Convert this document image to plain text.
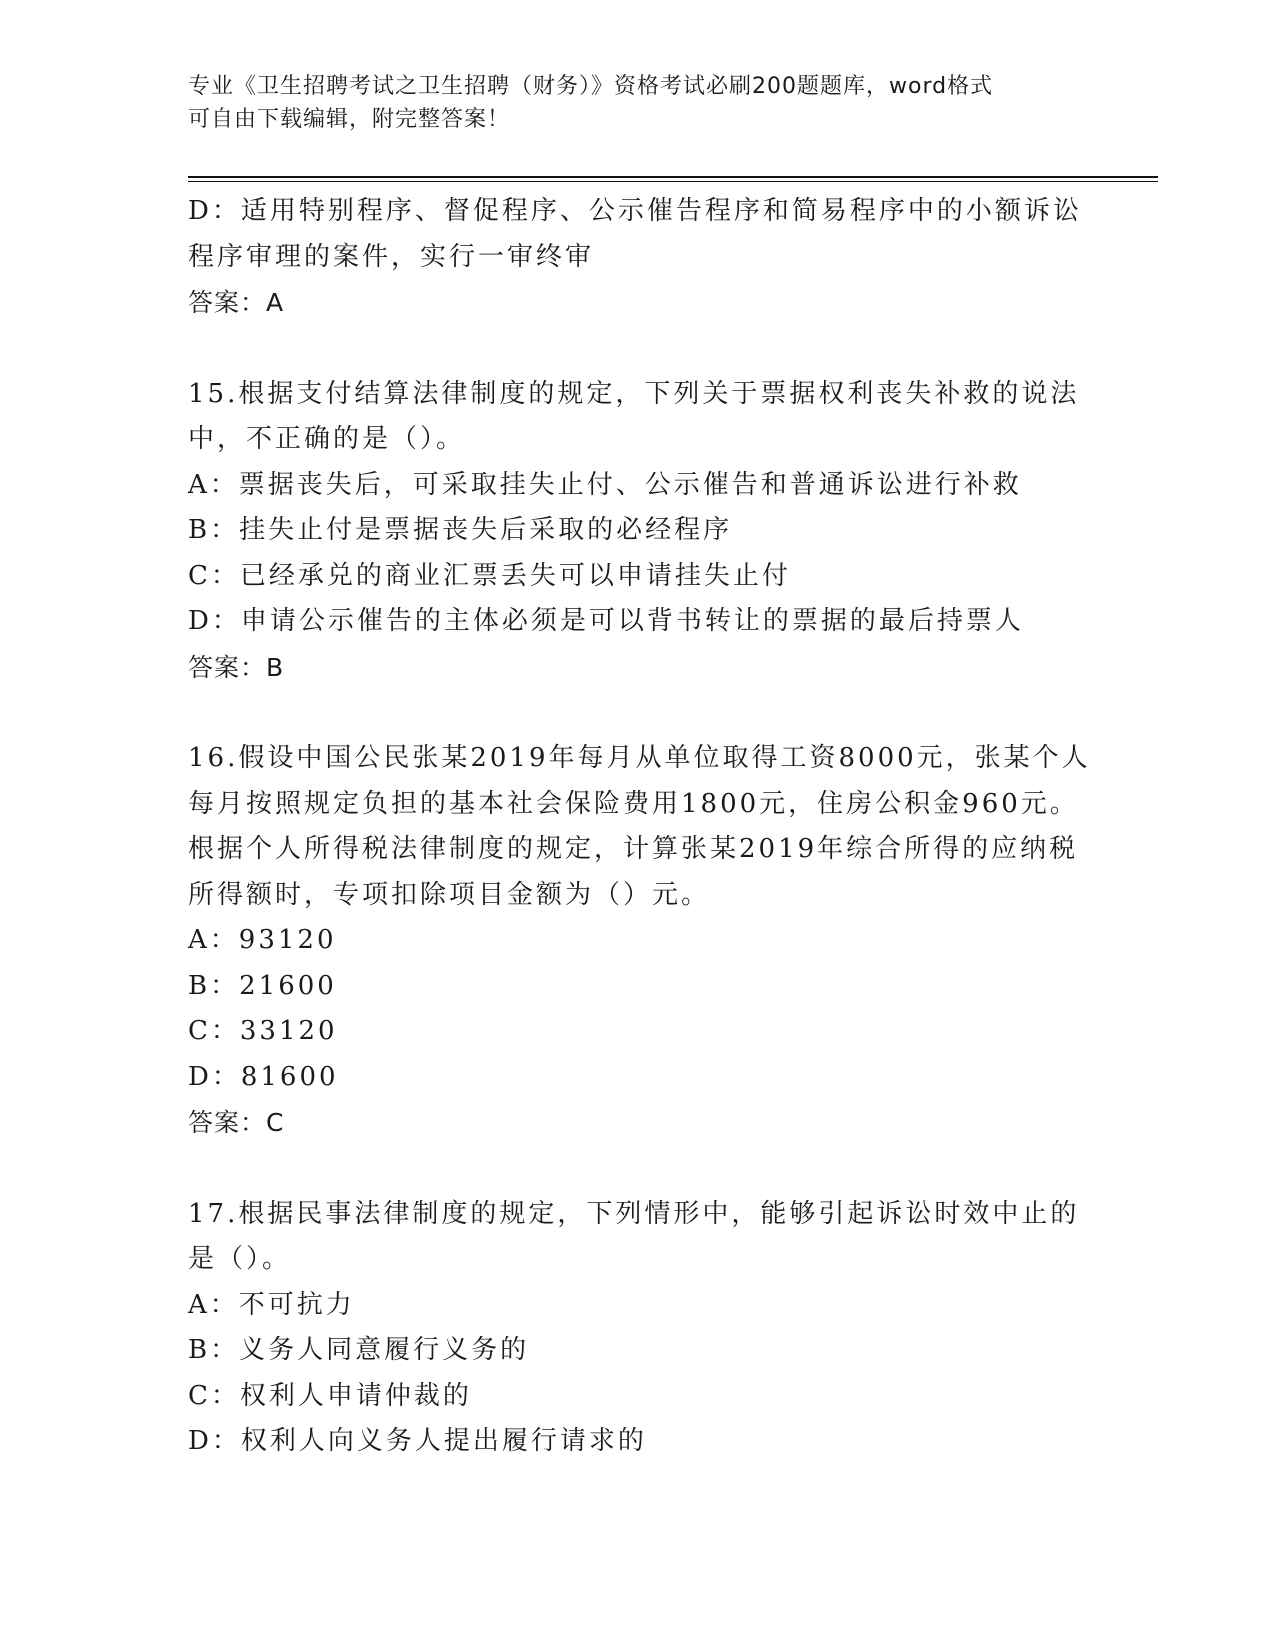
专业《卫生招聘考试之卫生招聘（财务）》资格考试必刷200题题库，word格式
可自由下载编辑，附完整答案！
D：适用特别程序、督促程序、公示催告程序和简易程序中的小额诉讼
程序审理的案件，实行一审终审
答案：A
15.根据支付结算法律制度的规定，下列关于票据权利丧失补救的说法
中，不正确的是（）。
A：票据丧失后，可采取挂失止付、公示催告和普通诉讼进行补救
B：挂失止付是票据丧失后采取的必经程序
C：已经承兑的商业汇票丢失可以申请挂失止付
D：申请公示催告的主体必须是可以背书转让的票据的最后持票人
答案：B
16.假设中国公民张某2019年每月从单位取得工资8000元，张某个人
每月按照规定负担的基本社会保险费用1800元，住房公积金960元。
根据个人所得税法律制度的规定，计算张某2019年综合所得的应纳税
所得额时，专项扣除项目金额为（）元。
A：93120
B：21600
C：33120
D：81600
答案：C
17.根据民事法律制度的规定，下列情形中，能够引起诉讼时效中止的
是（）。
A：不可抗力
B：义务人同意履行义务的
C：权利人申请仲裁的
D：权利人向义务人提出履行请求的
